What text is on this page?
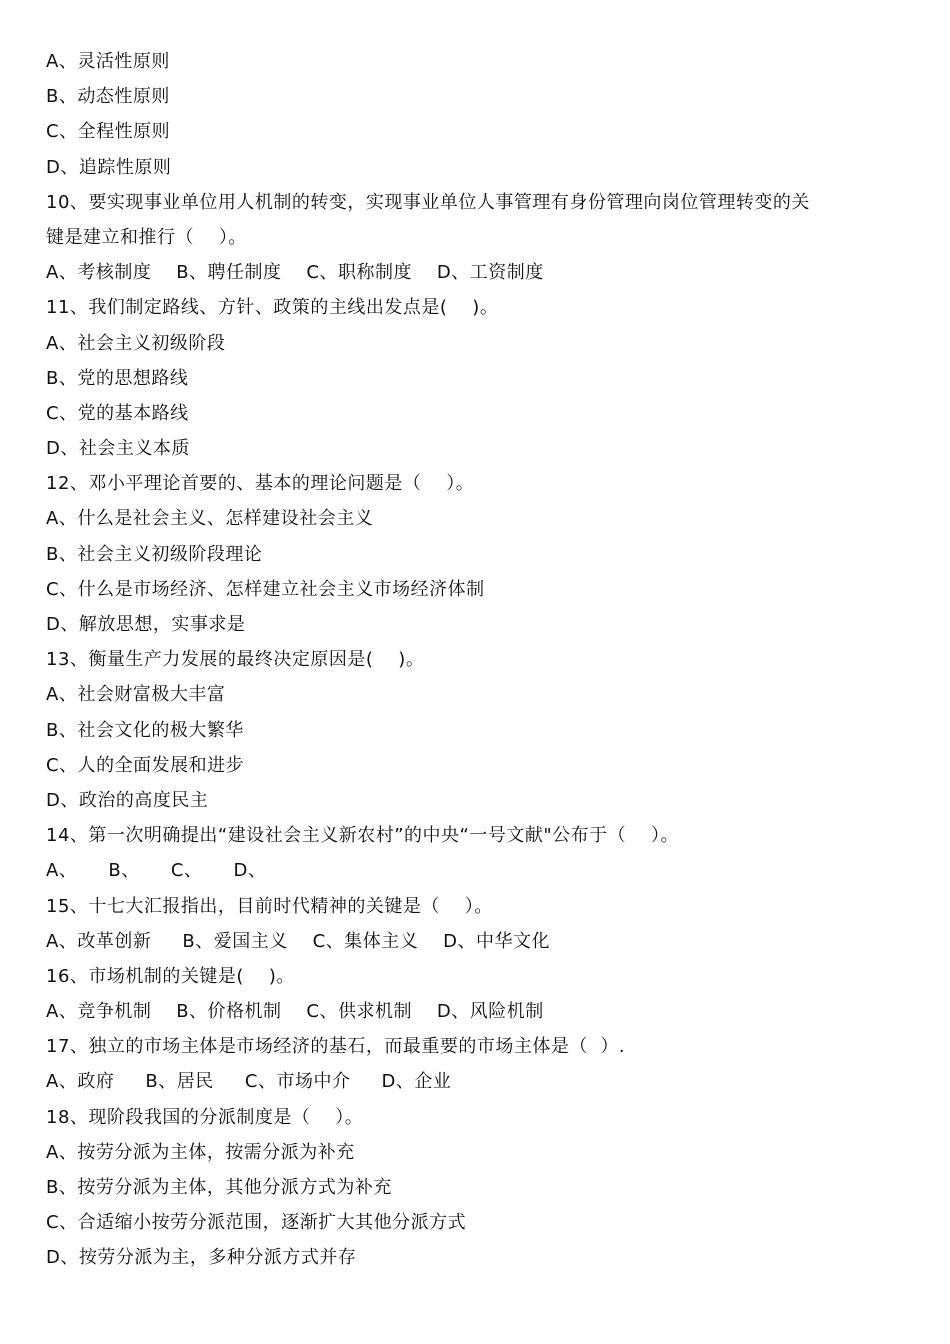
A、灵活性原则
B、动态性原则
C、全程性原则
D、追踪性原则
10、要实现事业单位用人机制的转变，实现事业单位人事管理有身份管理向岗位管理转变的关
键是建立和推行（    ）。
A、考核制度    B、聘任制度    C、职称制度    D、工资制度
11、我们制定路线、方针、政策的主线出发点是(    )。
A、社会主义初级阶段
B、党的思想路线
C、党的基本路线
D、社会主义本质
12、邓小平理论首要的、基本的理论问题是（    ）。
A、什么是社会主义、怎样建设社会主义
B、社会主义初级阶段理论
C、什么是市场经济、怎样建立社会主义市场经济体制
D、解放思想，实事求是
13、衡量生产力发展的最终决定原因是(    )。
A、社会财富极大丰富
B、社会文化的极大繁华
C、人的全面发展和进步
D、政治的高度民主
14、第一次明确提出“建设社会主义新农村”的中央“一号文献"公布于（    ）。
A、     B、     C、     D、
15、十七大汇报指出，目前时代精神的关键是（    ）。
A、改革创新     B、爱国主义    C、集体主义    D、中华文化
16、市场机制的关键是(    )。
A、竞争机制    B、价格机制    C、供求机制    D、风险机制
17、独立的市场主体是市场经济的基石，而最重要的市场主体是（  ）.
A、政府     B、居民     C、市场中介     D、企业
18、现阶段我国的分派制度是（    ）。
A、按劳分派为主体，按需分派为补充
B、按劳分派为主体，其他分派方式为补充
C、合适缩小按劳分派范围，逐渐扩大其他分派方式
D、按劳分派为主，多种分派方式并存
